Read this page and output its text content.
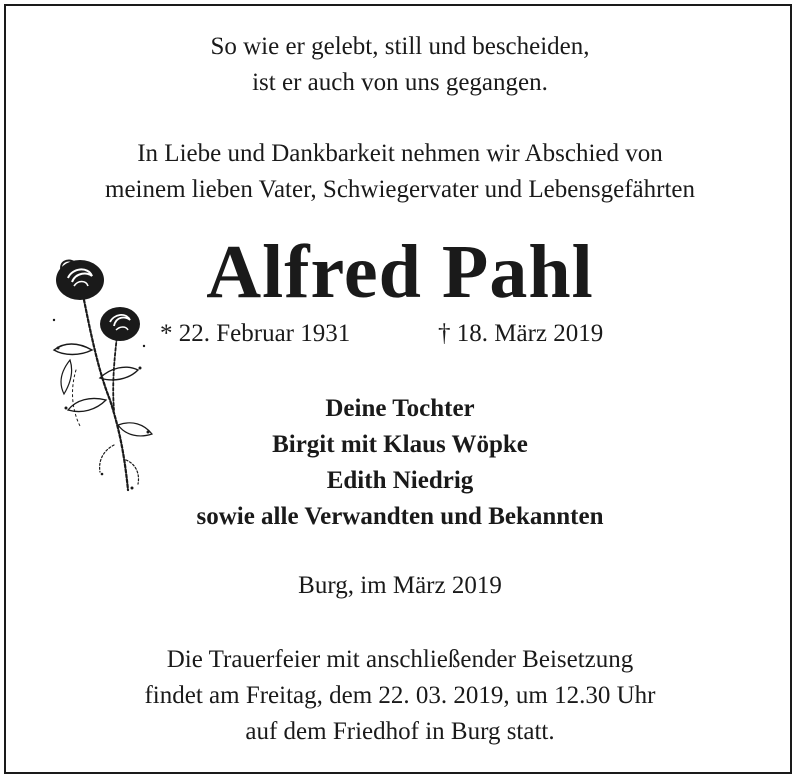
So wie er gelebt, still und bescheiden,
ist er auch von uns gegangen.
In Liebe und Dankbarkeit nehmen wir Abschied von
meinem lieben Vater, Schwiegervater und Lebensgefährten
Alfred Pahl
* 22. Februar 1931	† 18. März 2019
Deine Tochter
Birgit mit Klaus Wöpke
Edith Niedrig
sowie alle Verwandten und Bekannten
Burg, im März 2019
Die Trauerfeier mit anschließender Beisetzung
findet am Freitag, dem 22. 03. 2019, um 12.30 Uhr
auf dem Friedhof in Burg statt.
